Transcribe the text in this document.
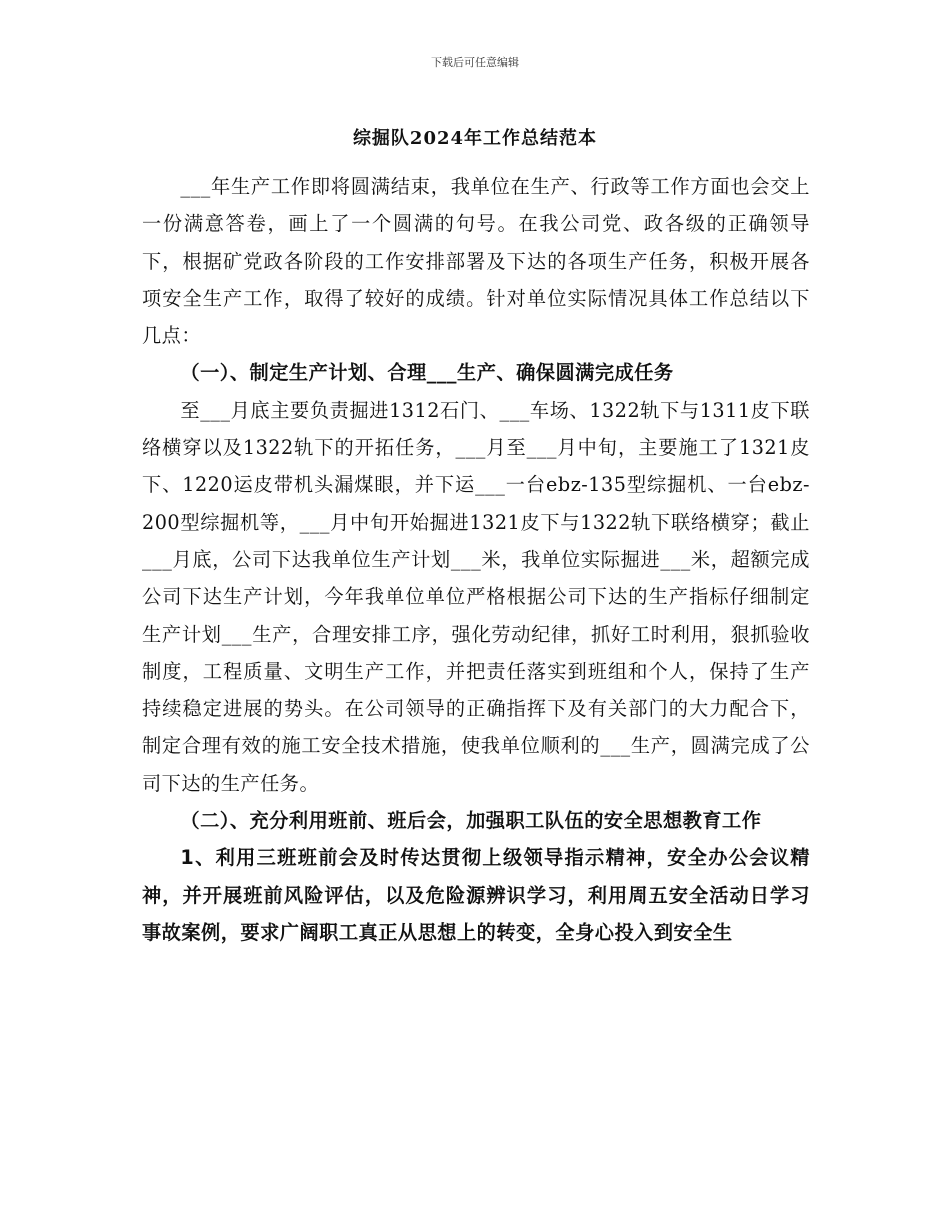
下载后可任意编辑
综掘队2024年工作总结范本

___年生产工作即将圆满结束，我单位在生产、行政等工作方面也会交上一份满意答卷，画上了一个圆满的句号。在我公司党、政各级的正确领导下，根据矿党政各阶段的工作安排部署及下达的各项生产任务，积极开展各项安全生产工作，取得了较好的成绩。针对单位实际情况具体工作总结以下几点：

（一）、制定生产计划、合理___生产、确保圆满完成任务

至___月底主要负责掘进1312石门、___车场、1322轨下与1311皮下联络横穿以及1322轨下的开拓任务，___月至___月中旬，主要施工了1321皮下、1220运皮带机头漏煤眼，并下运___一台ebz-135型综掘机、一台ebz-200型综掘机等，___月中旬开始掘进1321皮下与1322轨下联络横穿；截止___月底，公司下达我单位生产计划___米，我单位实际掘进___米，超额完成公司下达生产计划，今年我单位单位严格根据公司下达的生产指标仔细制定生产计划___生产，合理安排工序，强化劳动纪律，抓好工时利用，狠抓验收制度，工程质量、文明生产工作，并把责任落实到班组和个人，保持了生产持续稳定进展的势头。在公司领导的正确指挥下及有关部门的大力配合下，制定合理有效的施工安全技术措施，使我单位顺利的___生产，圆满完成了公司下达的生产任务。

（二）、充分利用班前、班后会，加强职工队伍的安全思想教育工作

1、利用三班班前会及时传达贯彻上级领导指示精神，安全办公会议精神，并开展班前风险评估，以及危险源辨识学习，利用周五安全活动日学习事故案例，要求广阔职工真正从思想上的转变，全身心投入到安全生
